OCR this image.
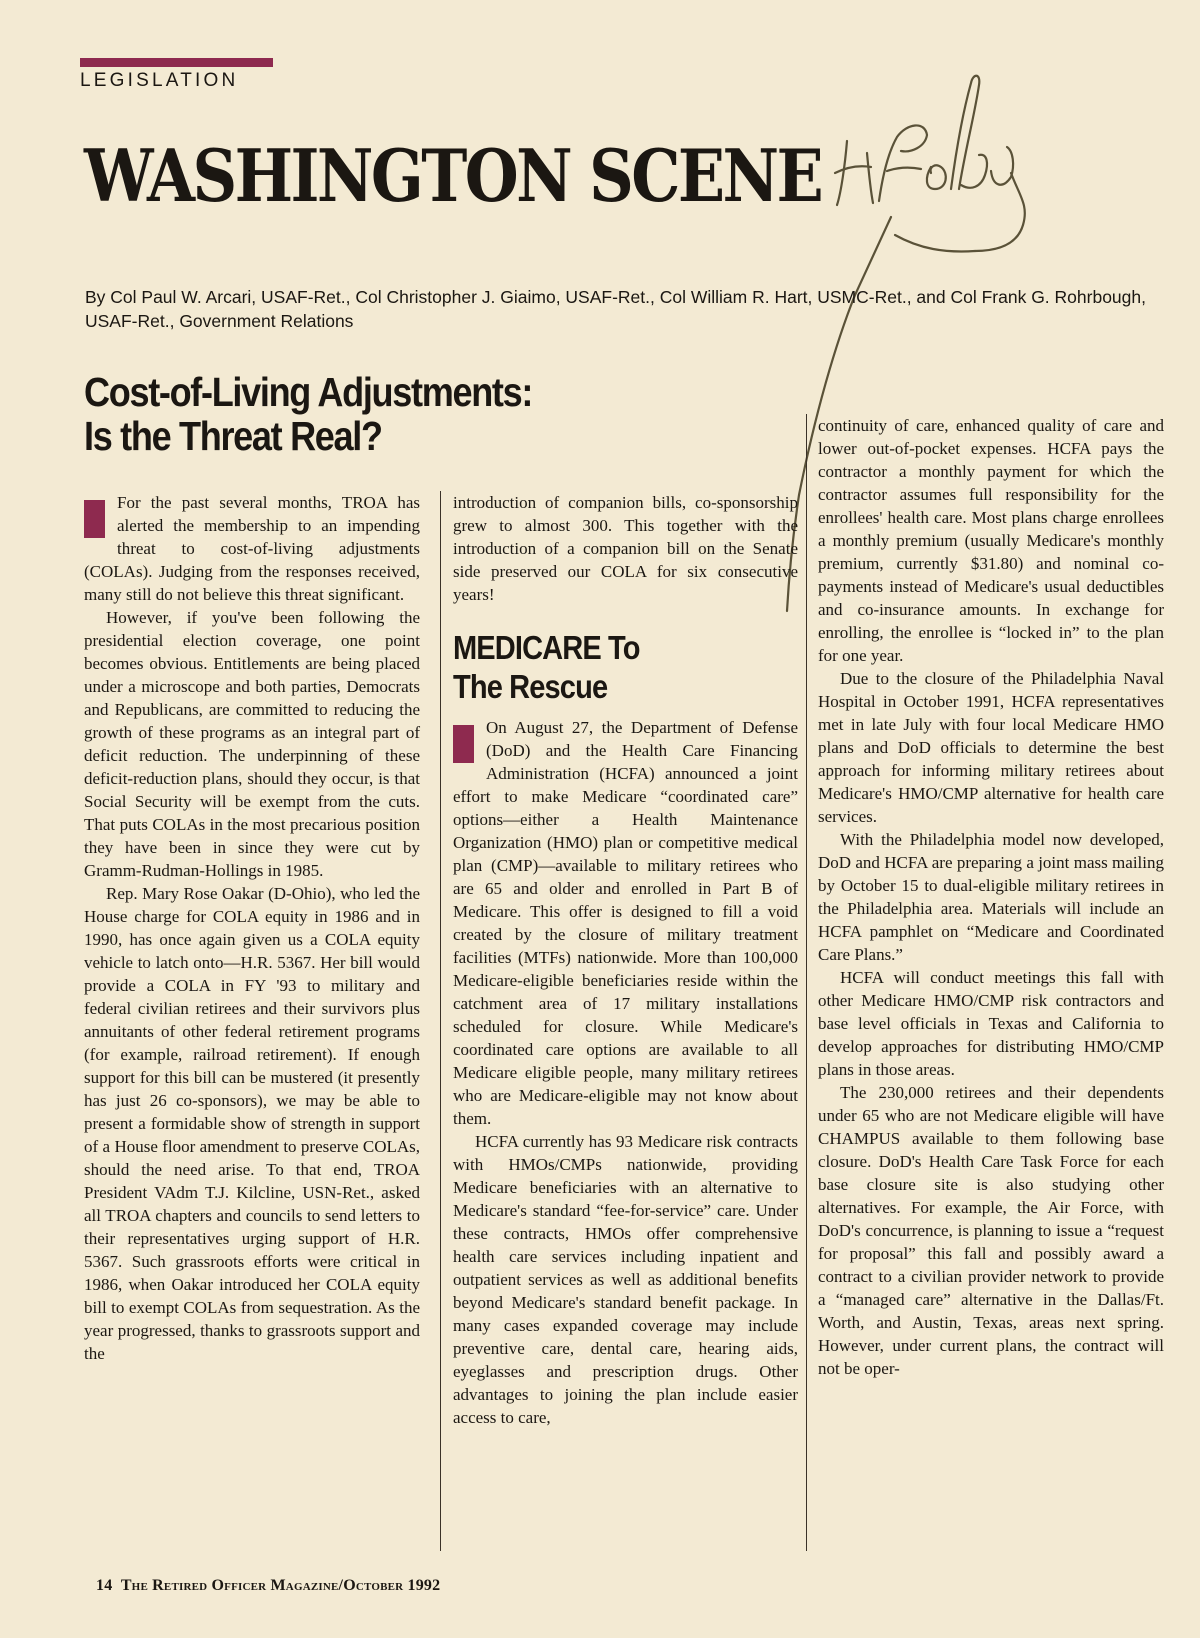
LEGISLATION
WASHINGTON SCENE
A/ Foley

By Col Paul W. Arcari, USAF-Ret., Col Christopher J. Giaimo, USAF-Ret., Col William R. Hart, USMC-Ret., and Col Frank G. Rohrbough, USAF-Ret., Government Relations

Cost-of-Living Adjustments:
Is the Threat Real?

For the past several months, TROA has alerted the membership to an impending threat to cost-of-living adjustments (COLAs). Judging from the responses received, many still do not believe this threat significant.

However, if you've been following the presidential election coverage, one point becomes obvious. Entitlements are being placed under a microscope and both parties, Democrats and Republicans, are committed to reducing the growth of these programs as an integral part of deficit reduction. The underpinning of these deficit-reduction plans, should they occur, is that Social Security will be exempt from the cuts. That puts COLAs in the most precarious position they have been in since they were cut by Gramm-Rudman-Hollings in 1985.

Rep. Mary Rose Oakar (D-Ohio), who led the House charge for COLA equity in 1986 and in 1990, has once again given us a COLA equity vehicle to latch onto—H.R. 5367. Her bill would provide a COLA in FY '93 to military and federal civilian retirees and their survivors plus annuitants of other federal retirement programs (for example, railroad retirement). If enough support for this bill can be mustered (it presently has just 26 co-sponsors), we may be able to present a formidable show of strength in support of a House floor amendment to preserve COLAs, should the need arise. To that end, TROA President VAdm T.J. Kilcline, USN-Ret., asked all TROA chapters and councils to send letters to their representatives urging support of H.R. 5367. Such grassroots efforts were critical in 1986, when Oakar introduced her COLA equity bill to exempt COLAs from sequestration. As the year progressed, thanks to grassroots support and the

introduction of companion bills, co-sponsorship grew to almost 300. This together with the introduction of a companion bill on the Senate side preserved our COLA for six consecutive years!

MEDICARE To
The Rescue

On August 27, the Department of Defense (DoD) and the Health Care Financing Administration (HCFA) announced a joint effort to make Medicare “coordinated care” options—either a Health Maintenance Organization (HMO) plan or competitive medical plan (CMP)—available to military retirees who are 65 and older and enrolled in Part B of Medicare. This offer is designed to fill a void created by the closure of military treatment facilities (MTFs) nationwide. More than 100,000 Medicare-eligible beneficiaries reside within the catchment area of 17 military installations scheduled for closure. While Medicare's coordinated care options are available to all Medicare eligible people, many military retirees who are Medicare-eligible may not know about them.

HCFA currently has 93 Medicare risk contracts with HMOs/CMPs nationwide, providing Medicare beneficiaries with an alternative to Medicare's standard “fee-for-service” care. Under these contracts, HMOs offer comprehensive health care services including inpatient and outpatient services as well as additional benefits beyond Medicare's standard benefit package. In many cases expanded coverage may include preventive care, dental care, hearing aids, eyeglasses and prescription drugs. Other advantages to joining the plan include easier access to care,

continuity of care, enhanced quality of care and lower out-of-pocket expenses. HCFA pays the contractor a monthly payment for which the contractor assumes full responsibility for the enrollees' health care. Most plans charge enrollees a monthly premium (usually Medicare's monthly premium, currently $31.80) and nominal co-payments instead of Medicare's usual deductibles and co-insurance amounts. In exchange for enrolling, the enrollee is “locked in” to the plan for one year.

Due to the closure of the Philadelphia Naval Hospital in October 1991, HCFA representatives met in late July with four local Medicare HMO plans and DoD officials to determine the best approach for informing military retirees about Medicare's HMO/CMP alternative for health care services.

With the Philadelphia model now developed, DoD and HCFA are preparing a joint mass mailing by October 15 to dual-eligible military retirees in the Philadelphia area. Materials will include an HCFA pamphlet on “Medicare and Coordinated Care Plans.”

HCFA will conduct meetings this fall with other Medicare HMO/CMP risk contractors and base level officials in Texas and California to develop approaches for distributing HMO/CMP plans in those areas.

The 230,000 retirees and their dependents under 65 who are not Medicare eligible will have CHAMPUS available to them following base closure. DoD's Health Care Task Force for each base closure site is also studying other alternatives. For example, the Air Force, with DoD's concurrence, is planning to issue a “request for proposal” this fall and possibly award a contract to a civilian provider network to provide a “managed care” alternative in the Dallas/Ft. Worth, and Austin, Texas, areas next spring. However, under current plans, the contract will not be oper-

14 The Retired Officer Magazine/October 1992
